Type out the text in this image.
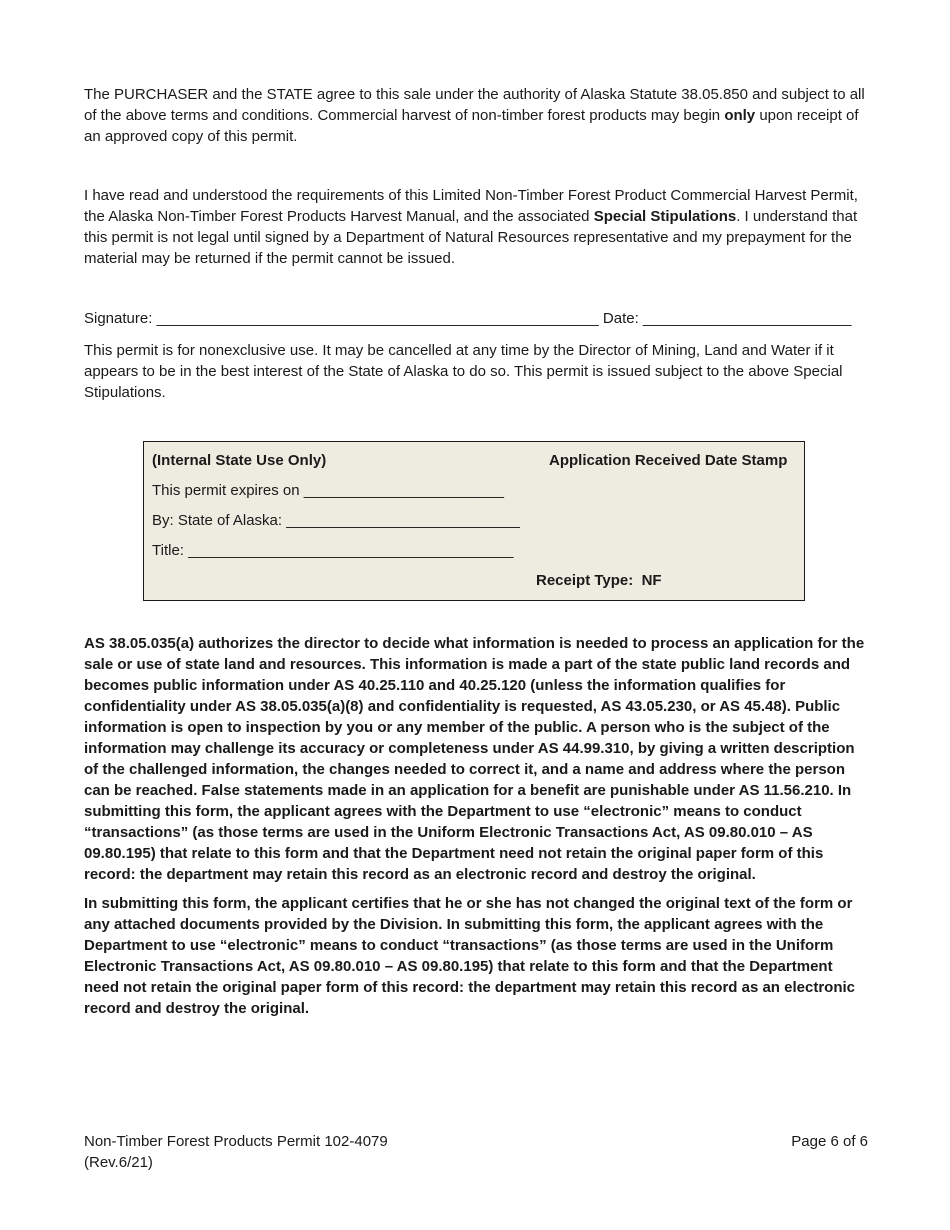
The PURCHASER and the STATE agree to this sale under the authority of Alaska Statute 38.05.850 and subject to all of the above terms and conditions. Commercial harvest of non-timber forest products may begin only upon receipt of an approved copy of this permit.

I have read and understood the requirements of this Limited Non-Timber Forest Product Commercial Harvest Permit, the Alaska Non-Timber Forest Products Harvest Manual, and the associated Special Stipulations. I understand that this permit is not legal until signed by a Department of Natural Resources representative and my prepayment for the material may be returned if the permit cannot be issued.

Signature: _____________________________________________________ Date: _________________________

This permit is for nonexclusive use. It may be cancelled at any time by the Director of Mining, Land and Water if it appears to be in the best interest of the State of Alaska to do so. This permit is issued subject to the above Special Stipulations.

(Internal State Use Only)	Application Received Date Stamp
This permit expires on ________________________
By: State of Alaska: ____________________________
Title: _______________________________________
Receipt Type: NF

AS 38.05.035(a) authorizes the director to decide what information is needed to process an application for the sale or use of state land and resources. This information is made a part of the state public land records and becomes public information under AS 40.25.110 and 40.25.120 (unless the information qualifies for confidentiality under AS 38.05.035(a)(8) and confidentiality is requested, AS 43.05.230, or AS 45.48). Public information is open to inspection by you or any member of the public. A person who is the subject of the information may challenge its accuracy or completeness under AS 44.99.310, by giving a written description of the challenged information, the changes needed to correct it, and a name and address where the person can be reached. False statements made in an application for a benefit are punishable under AS 11.56.210. In submitting this form, the applicant agrees with the Department to use “electronic” means to conduct “transactions” (as those terms are used in the Uniform Electronic Transactions Act, AS 09.80.010 – AS 09.80.195) that relate to this form and that the Department need not retain the original paper form of this record: the department may retain this record as an electronic record and destroy the original.

In submitting this form, the applicant certifies that he or she has not changed the original text of the form or any attached documents provided by the Division. In submitting this form, the applicant agrees with the Department to use “electronic” means to conduct “transactions” (as those terms are used in the Uniform Electronic Transactions Act, AS 09.80.010 – AS 09.80.195) that relate to this form and that the Department need not retain the original paper form of this record: the department may retain this record as an electronic record and destroy the original.

Non-Timber Forest Products Permit 102-4079
(Rev.6/21)
Page 6 of 6
